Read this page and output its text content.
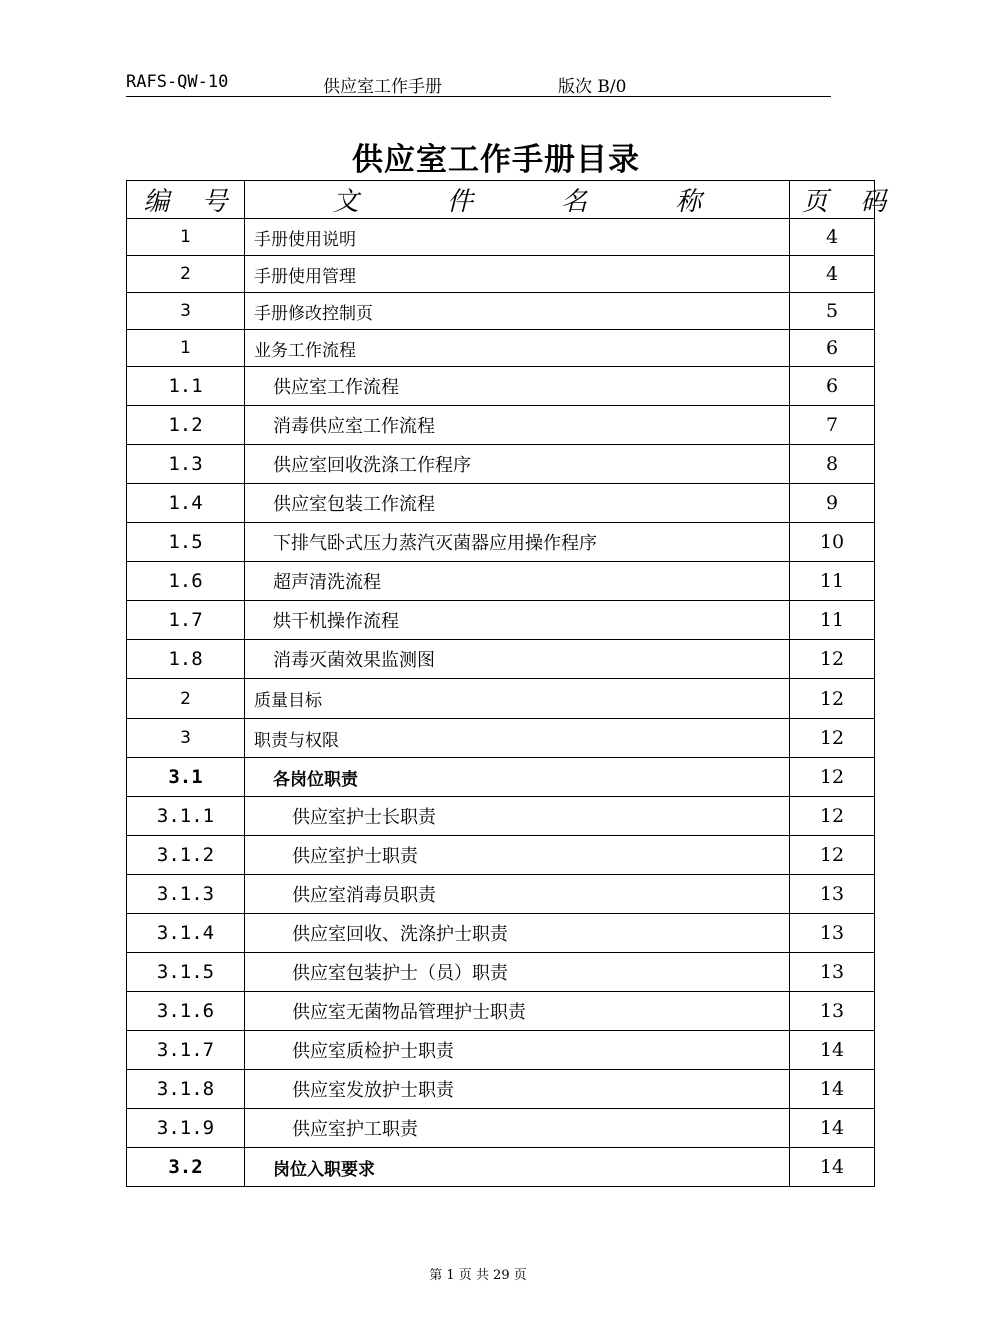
RAFS-QW-10	供应室工作手册	版次 B/0
供应室工作手册目录
编 号	文 件 名 称	页 码
1	手册使用说明	4
2	手册使用管理	4
3	手册修改控制页	5
1	业务工作流程	6
1.1	供应室工作流程	6
1.2	消毒供应室工作流程	7
1.3	供应室回收洗涤工作程序	8
1.4	供应室包装工作流程	9
1.5	下排气卧式压力蒸汽灭菌器应用操作程序	10
1.6	超声清洗流程	11
1.7	烘干机操作流程	11
1.8	消毒灭菌效果监测图	12
2	质量目标	12
3	职责与权限	12
3.1	各岗位职责	12
3.1.1	供应室护士长职责	12
3.1.2	供应室护士职责	12
3.1.3	供应室消毒员职责	13
3.1.4	供应室回收、洗涤护士职责	13
3.1.5	供应室包装护士（员）职责	13
3.1.6	供应室无菌物品管理护士职责	13
3.1.7	供应室质检护士职责	14
3.1.8	供应室发放护士职责	14
3.1.9	供应室护工职责	14
3.2	岗位入职要求	14
第 1 页 共 29 页
